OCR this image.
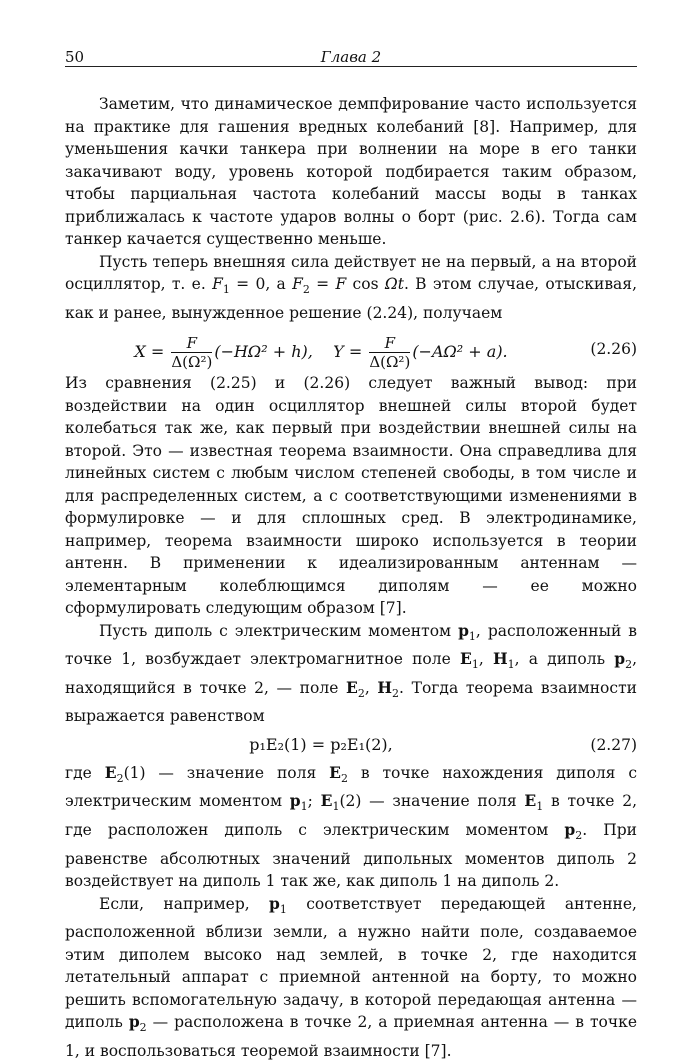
50	Глава 2

Заметим, что динамическое демпфирование часто используется на практике для гашения вредных колебаний [8]. Например, для уменьшения качки танкера при волнении на море в его танки закачивают воду, уровень которой подбирается таким образом, чтобы парциальная частота колебаний массы воды в танках приближалась к частоте ударов волны о борт (рис. 2.6). Тогда сам танкер качается существенно меньше.

Пусть теперь внешняя сила действует не на первый, а на второй осциллятор, т. е. $F_1 = 0$, а $F_2 = F$ cos Ωt. В этом случае, отыскивая, как и ранее, вынужденное решение (2.24), получаем

$X = \frac{F}{\text{Δ(Ω²)}} (-H\Omega^2 + h)$, $Y = \frac{F}{\text{Δ(Ω²)}} (-A\Omega^2 + a)$.	(2.26)

Из сравнения (2.25) и (2.26) следует важный вывод: при воздействии на один осциллятор внешней силы второй будет колебаться так же, как первый при воздействии внешней силы на второй. Это — известная теорема взаимности. Она справедлива для линейных систем с любым числом степеней свободы, в том числе и для распределенных систем, а с соответствующими изменениями в формулировке — и для сплошных сред. В электродинамике, например, теорема взаимности широко используется в теории антенн. В применении к идеализированным антеннам — элементарным колеблющимся диполям — ее можно сформулировать следующим образом [7].

Пусть диполь с электрическим моментом $p_1$, расположенный в точке 1, возбуждает электромагнитное поле $E_1$, $H_1$, а диполь $p_2$, находящийся в точке 2, — поле $E_2$, $H_2$. Тогда теорема взаимности выражается равенством

p₁E₂(1) = p₂E₁(2),	(2.27)

где $E_2(1)$ — значение поля $E_2$ в точке нахождения диполя с электрическим моментом $p_1$; $E_1(2)$ — значение поля $E_1$ в точке 2, где расположен диполь с электрическим моментом $p_2$. При равенстве абсолютных значений дипольных моментов диполь 2 воздействует на диполь 1 так же, как диполь 1 на диполь 2.

Если, например, $p_1$ соответствует передающей антенне, расположенной вблизи земли, а нужно найти поле, создаваемое этим диполем высоко над землей, в точке 2, где находится летательный аппарат с приемной антенной на борту, то можно решить вспомогательную задачу, в которой передающая антенна — диполь $p_2$ — расположена в точке 2, а приемная антенна — в точке 1, и воспользоваться теоремой взаимности [7].
